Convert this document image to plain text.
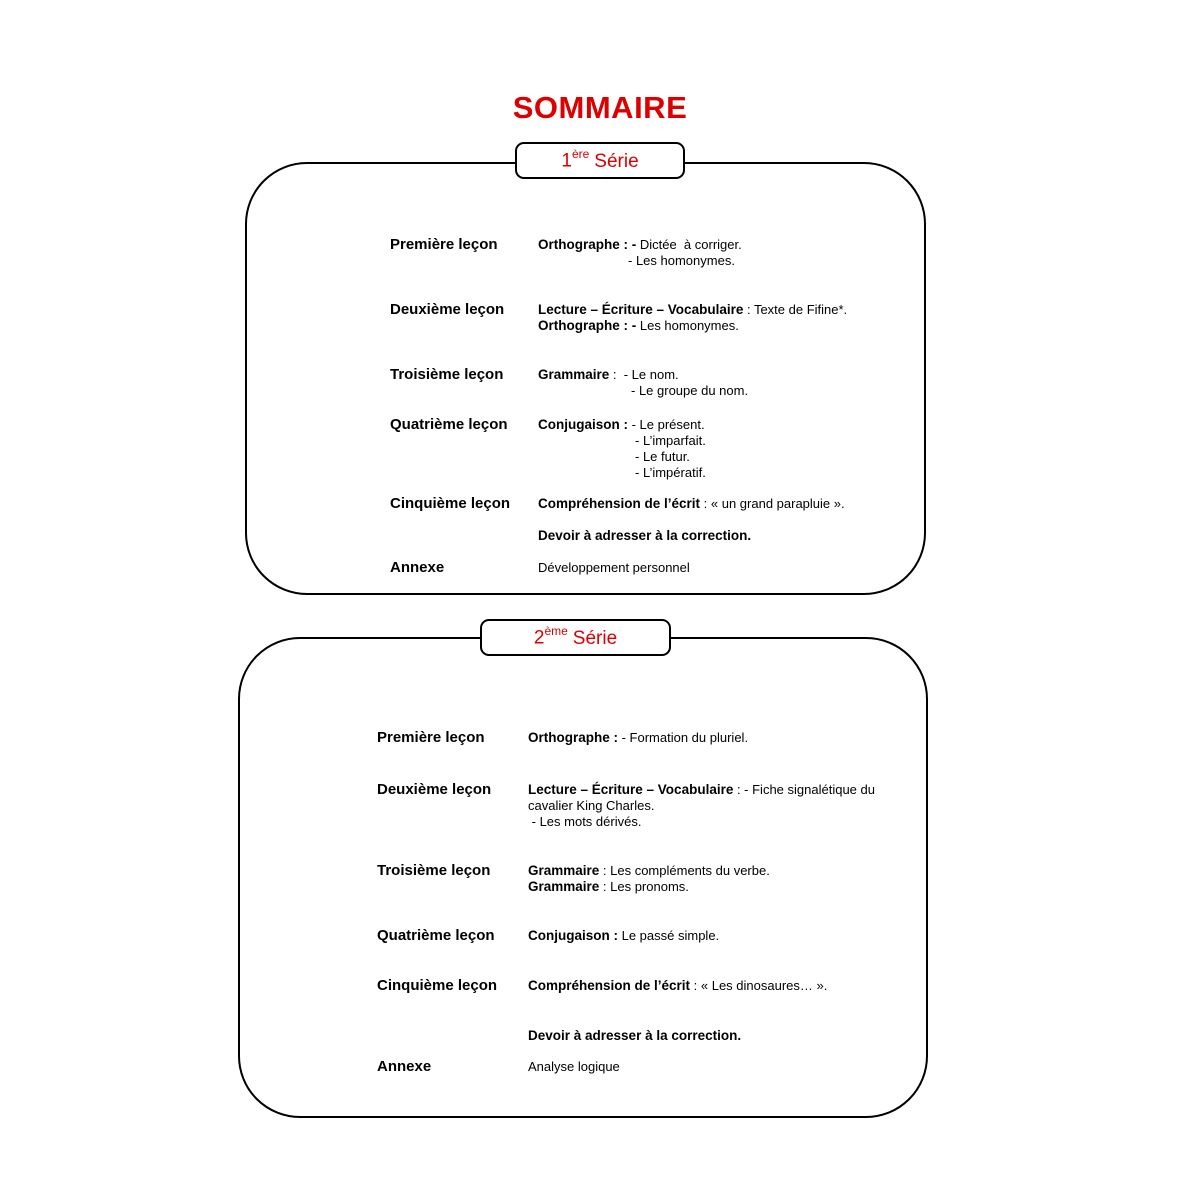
SOMMAIRE
1ère Série
Première leçon	Orthographe : - Dictée  à corriger.
- Les homonymes.
Deuxième leçon	Lecture – Écriture – Vocabulaire : Texte de Fifine*.
Orthographe : - Les homonymes.
Troisième leçon	Grammaire :  - Le nom.
- Le groupe du nom.
Quatrième leçon	Conjugaison : - Le présent.
- L’imparfait.
- Le futur.
- L’impératif.
Cinquième leçon	Compréhension de l’écrit : « un grand parapluie ».
Devoir à adresser à la correction.
Annexe	Développement personnel
2ème Série
Première leçon	Orthographe : - Formation du pluriel.
Deuxième leçon	Lecture – Écriture – Vocabulaire : - Fiche signalétique du
cavalier King Charles.
- Les mots dérivés.
Troisième leçon	Grammaire : Les compléments du verbe.
Grammaire : Les pronoms.
Quatrième leçon	Conjugaison : Le passé simple.
Cinquième leçon	Compréhension de l’écrit : « Les dinosaures… ».
Devoir à adresser à la correction.
Annexe	Analyse logique
